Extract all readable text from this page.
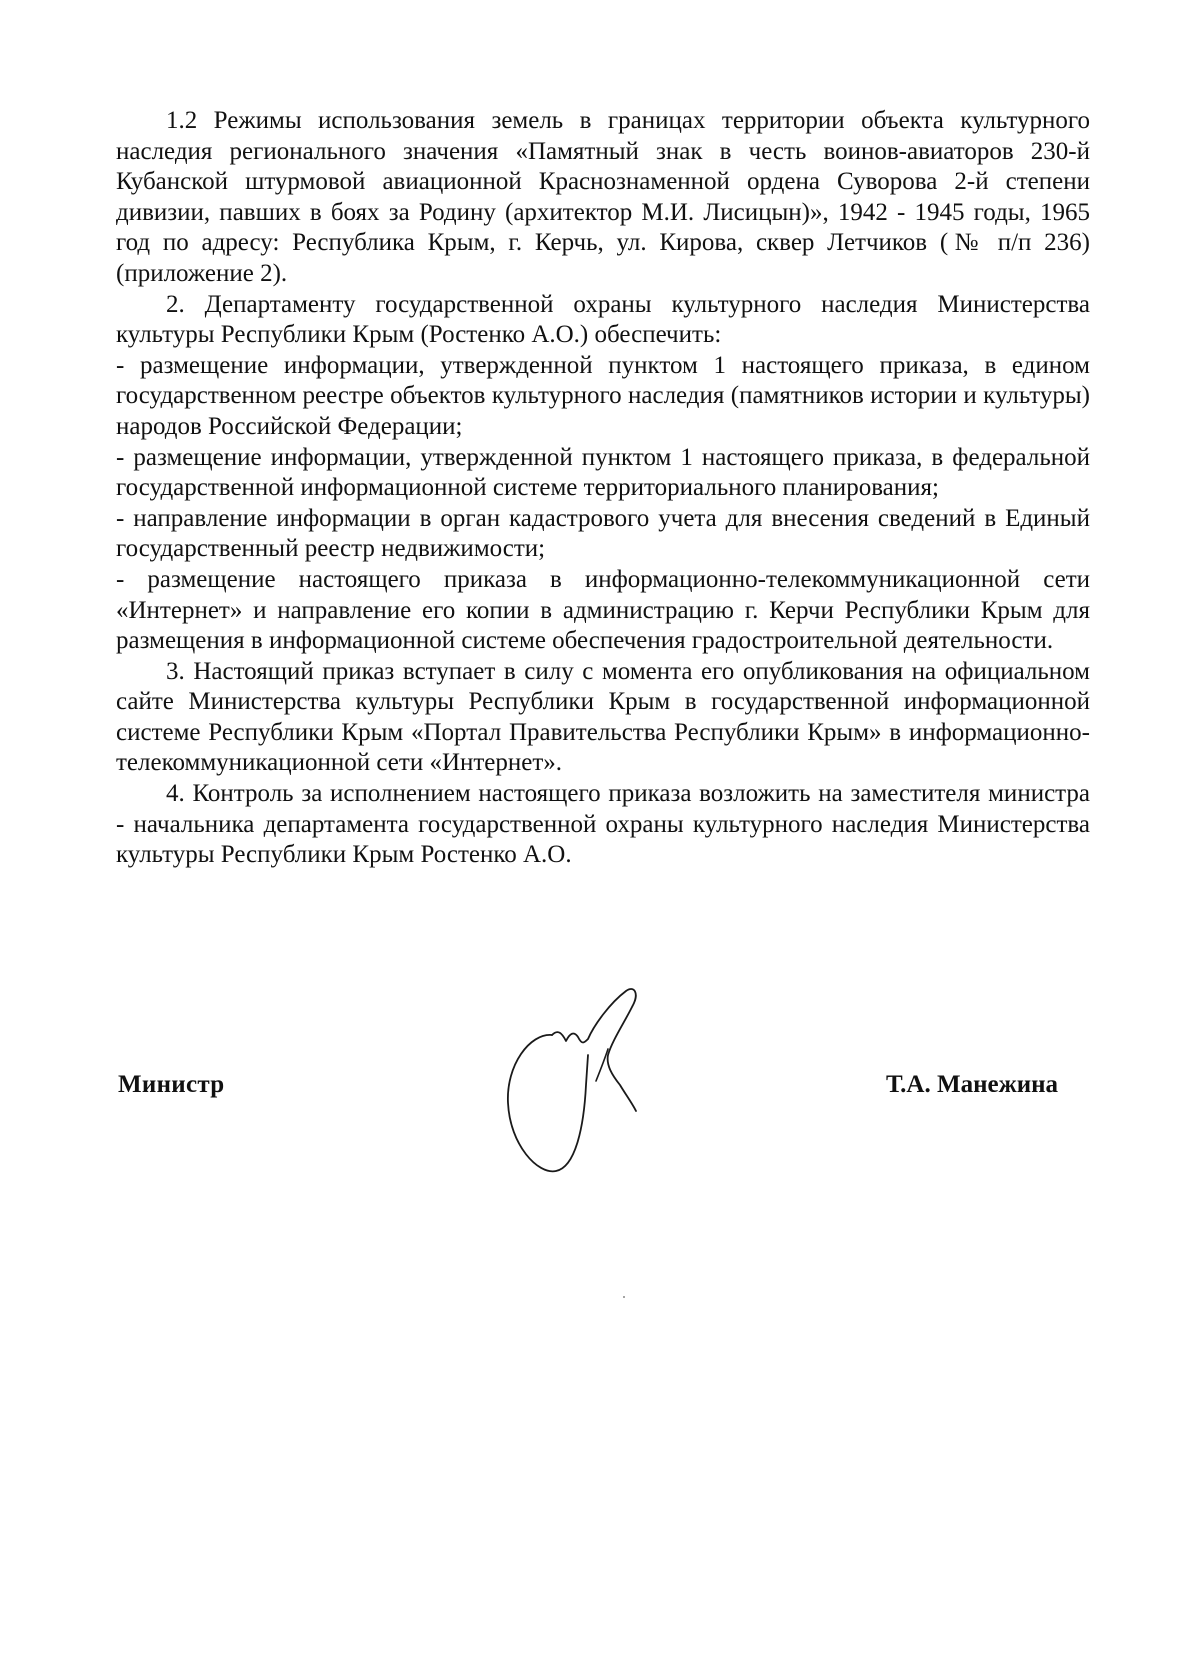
1.2 Режимы использования земель в границах территории объекта культурного наследия регионального значения «Памятный знак в честь воинов-авиаторов 230-й Кубанской штурмовой авиационной Краснознаменной ордена Суворова 2-й степени дивизии, павших в боях за Родину (архитектор М.И. Лисицын)», 1942 - 1945 годы, 1965 год по адресу: Республика Крым, г. Керчь, ул. Кирова, сквер Летчиков (№ п/п 236) (приложение 2).

2. Департаменту государственной охраны культурного наследия Министерства культуры Республики Крым (Ростенко А.О.) обеспечить:

- размещение информации, утвержденной пунктом 1 настоящего приказа, в едином государственном реестре объектов культурного наследия (памятников истории и культуры) народов Российской Федерации;

- размещение информации, утвержденной пунктом 1 настоящего приказа, в федеральной государственной информационной системе территориального планирования;

- направление информации в орган кадастрового учета для внесения сведений в Единый государственный реестр недвижимости;

- размещение настоящего приказа в информационно-телекоммуникационной сети «Интернет» и направление его копии в администрацию г. Керчи Республики Крым для размещения в информационной системе обеспечения градостроительной деятельности.

3. Настоящий приказ вступает в силу с момента его опубликования на официальном сайте Министерства культуры Республики Крым в государственной информационной системе Республики Крым «Портал Правительства Республики Крым» в информационно-телекоммуникационной сети «Интернет».

4. Контроль за исполнением настоящего приказа возложить на заместителя министра - начальника департамента государственной охраны культурного наследия Министерства культуры Республики Крым Ростенко А.О.

Министр	Т.А. Манежина
